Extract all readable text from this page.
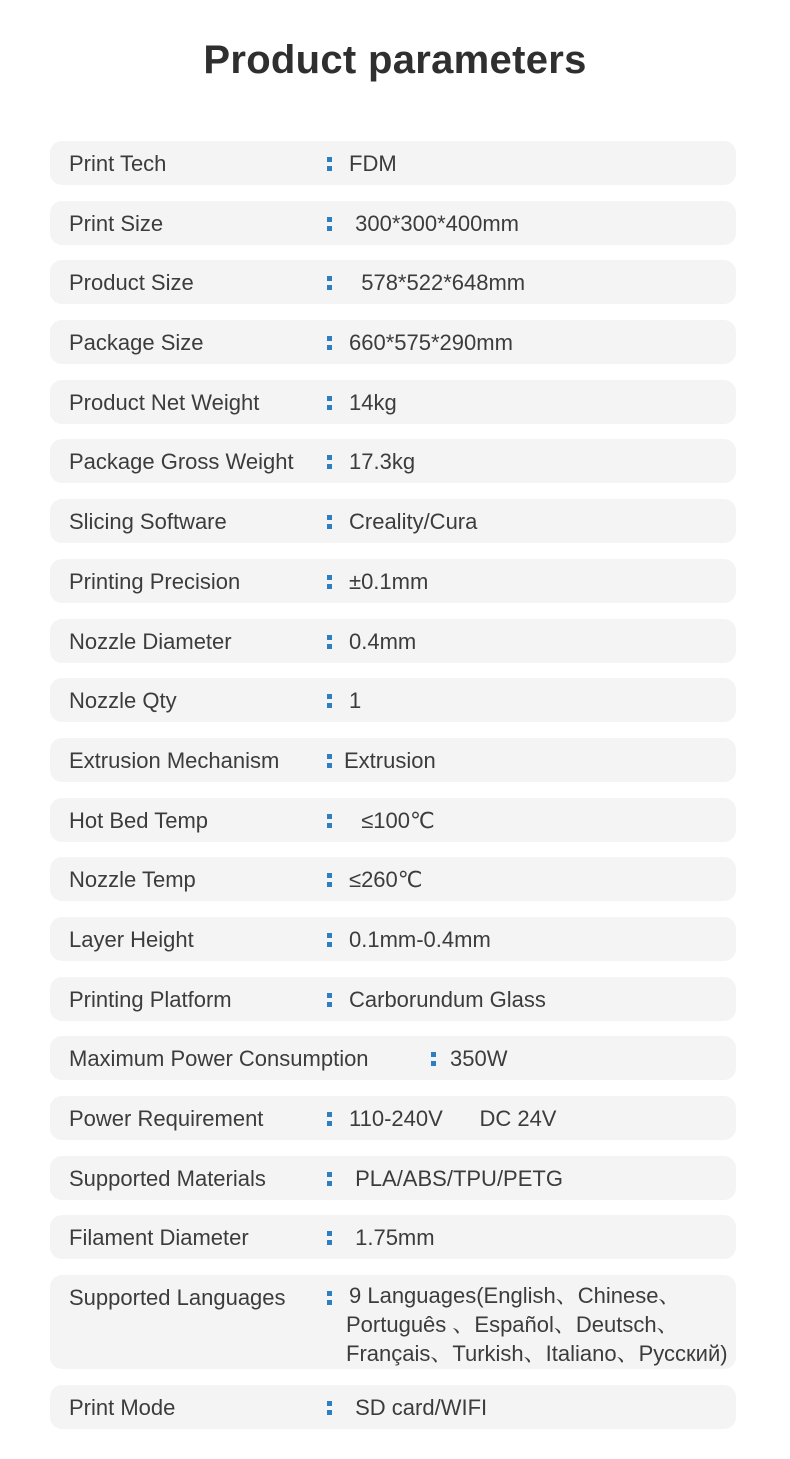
Product parameters
Print Tech	FDM
Print Size	300*300*400mm
Product Size	578*522*648mm
Package Size	660*575*290mm
Product Net Weight	14kg
Package Gross Weight	17.3kg
Slicing Software	Creality/Cura
Printing Precision	±0.1mm
Nozzle Diameter	0.4mm
Nozzle Qty	1
Extrusion Mechanism	Extrusion
Hot Bed Temp	≤100℃
Nozzle Temp	≤260℃
Layer Height	0.1mm-0.4mm
Printing Platform	Carborundum Glass
Maximum Power Consumption	350W
Power Requirement	110-240V      DC 24V
Supported Materials	PLA/ABS/TPU/PETG
Filament Diameter	1.75mm
Supported Languages	9 Languages(English、Chinese、
Português 、Español、Deutsch、
Français、Turkish、Italiano、Русский)
Print Mode	SD card/WIFI
